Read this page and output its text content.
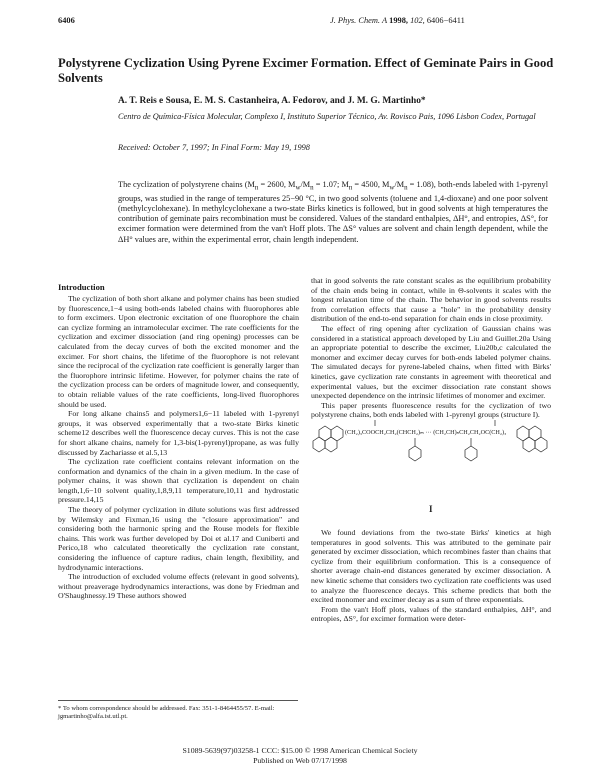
6406	J. Phys. Chem. A 1998, 102, 6406−6411
Polystyrene Cyclization Using Pyrene Excimer Formation. Effect of Geminate Pairs in Good Solvents
A. T. Reis e Sousa, E. M. S. Castanheira, A. Fedorov, and J. M. G. Martinho*
Centro de Química-Física Molecular, Complexo I, Instituto Superior Técnico, Av. Rovisco Pais, 1096 Lisbon Codex, Portugal
Received: October 7, 1997; In Final Form: May 19, 1998
The cyclization of polystyrene chains ($M_n = 2600$, $M_w/M_n = 1.07$; $M_n = 4500$, $M_w/M_n = 1.08$), both-ends labeled with 1-pyrenyl groups, was studied in the range of temperatures 25−90 °C, in two good solvents (toluene and 1,4-dioxane) and one poor solvent (methylcyclohexane). In methylcyclohexane a two-state Birks kinetics is followed, but in good solvents at high temperatures the contribution of geminate pairs recombination must be considered. Values of the standard enthalpies, ΔH°, and entropies, ΔS°, for excimer formation were determined from the van't Hoff plots. The ΔS° values are solvent and chain length dependent, while the ΔH° values are, within the experimental error, chain length independent.
Introduction

The cyclization of both short alkane and polymer chains has been studied by fluorescence,1−4 using both-ends labeled chains with fluorophores able to form excimers. Upon electronic excitation of one fluorophore the chain can cyclize forming an intramolecular excimer. The rate coefficients for the cyclization and excimer dissociation (and ring opening) processes can be calculated from the decay curves of both the excited monomer and the excimer. For short chains, the lifetime of the fluorophore is not relevant since the reciprocal of the cyclization rate coefficient is generally larger than the fluorophore intrinsic lifetime. However, for polymer chains the rate of the cyclization process can be orders of magnitude lower, and consequently, to obtain reliable values of the rate coefficients, long-lived fluorophores should be used.

For long alkane chains5 and polymers1,6−11 labeled with 1-pyrenyl groups, it was observed experimentally that a two-state Birks kinetic scheme12 describes well the fluorescence decay curves. This is not the case for short alkane chains, namely for 1,3-bis(1-pyrenyl)propane, as was fully discussed by Zachariasse et al.5,13

The cyclization rate coefficient contains relevant information on the conformation and dynamics of the chain in a given medium. In the case of polymer chains, it was shown that cyclization is dependent on chain length,1,6−10 solvent quality,1,8,9,11 temperature,10,11 and hydrostatic pressure.14,15

The theory of polymer cyclization in dilute solutions was first addressed by Wilemsky and Fixman,16 using the "closure approximation" and considering both the harmonic spring and the Rouse models for flexible chains. This work was further developed by Doi et al.17 and Cuniberti and Perico,18 who calculated theoretically the cyclization rate constant, considering the influence of capture radius, chain length, flexibility, and hydrodynamic interactions.

The introduction of excluded volume effects (relevant in good solvents), without preaverage hydrodynamics interactions, was done by Friedman and O'Shaughnessy.19 These authors showed

* To whom correspondence should be addressed. Fax: 351-1-8464455/57. E-mail: jgmartinho@alfa.ist.utl.pt.

that in good solvents the rate constant scales as the equilibrium probability of the chain ends being in contact, while in Θ-solvents it scales with the longest relaxation time of the chain. The behavior in good solvents results from correlation effects that cause a "hole" in the probability density distribution of the end-to-end separation for chain ends in close proximity.

The effect of ring opening after cyclization of Gaussian chains was considered in a statistical approach developed by Liu and Guillet.20a Using an appropriate potential to describe the excimer, Liu20b,c calculated the monomer and excimer decay curves for both-ends labeled polymer chains. The simulated decays for pyrene-labeled chains, when fitted with Birks' kinetics, gave cyclization rate constants in agreement with theoretical and experimental values, but the excimer dissociation rate constant shows unexpected dependence on the intrinsic lifetimes of monomer and excimer.

This paper presents fluorescence results for the cyclization of two polystyrene chains, both ends labeled with 1-pyrenyl groups (structure I).

(CH₂)₃COOCH₂CH₂(CHCH₂)ₘ ··· (CH₂CH)ₙCH₂CH₂OC(CH₂)₃
I

We found deviations from the two-state Birks' kinetics at high temperatures in good solvents. This was attributed to the geminate pair generated by excimer dissociation, which recombines faster than chains that cyclize from their equilibrium conformation. This is a consequence of shorter average chain-end distances generated by excimer dissociation. A new kinetic scheme that considers two cyclization rate coefficients was used to analyze the fluorescence decays. This scheme predicts that both the excited monomer and excimer decay as a sum of three exponentials.

From the van't Hoff plots, values of the standard enthalpies, ΔH°, and entropies, ΔS°, for excimer formation were deter-

S1089-5639(97)03258-1 CCC: $15.00 © 1998 American Chemical Society
Published on Web 07/17/1998
